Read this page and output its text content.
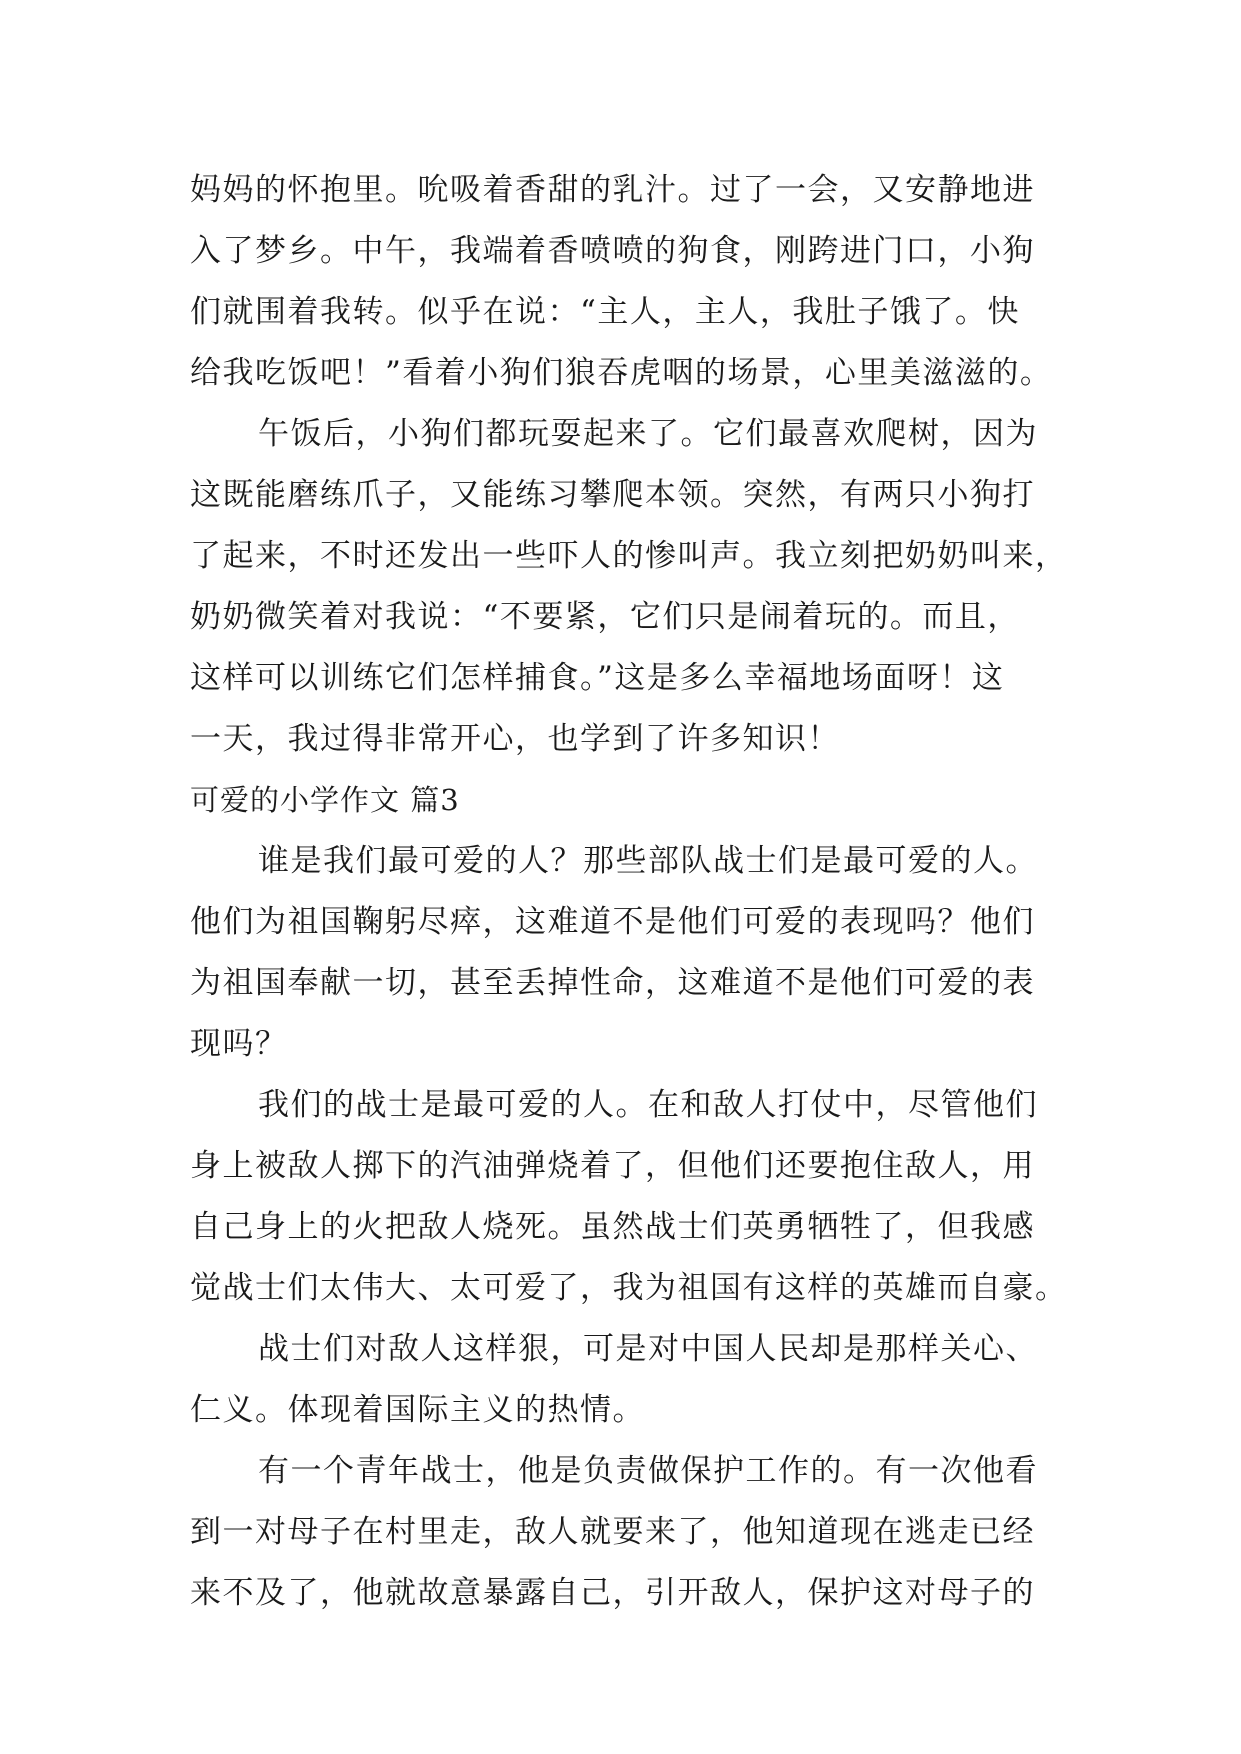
妈妈的怀抱里。吮吸着香甜的乳汁。过了一会，又安静地进
入了梦乡。中午，我端着香喷喷的狗食，刚跨进门口，小狗
们就围着我转。似乎在说：“主人，主人，我肚子饿了。快
给我吃饭吧！”看着小狗们狼吞虎咽的场景，心里美滋滋的。
午饭后，小狗们都玩耍起来了。它们最喜欢爬树，因为
这既能磨练爪子，又能练习攀爬本领。突然，有两只小狗打
了起来，不时还发出一些吓人的惨叫声。我立刻把奶奶叫来，
奶奶微笑着对我说：“不要紧，它们只是闹着玩的。而且，
这样可以训练它们怎样捕食。”这是多么幸福地场面呀！这
一天，我过得非常开心，也学到了许多知识！
可爱的小学作文 篇3
谁是我们最可爱的人？那些部队战士们是最可爱的人。
他们为祖国鞠躬尽瘁，这难道不是他们可爱的表现吗？他们
为祖国奉献一切，甚至丢掉性命，这难道不是他们可爱的表
现吗？
我们的战士是最可爱的人。在和敌人打仗中，尽管他们
身上被敌人掷下的汽油弹烧着了，但他们还要抱住敌人，用
自己身上的火把敌人烧死。虽然战士们英勇牺牲了，但我感
觉战士们太伟大、太可爱了，我为祖国有这样的英雄而自豪。
战士们对敌人这样狠，可是对中国人民却是那样关心、
仁义。体现着国际主义的热情。
有一个青年战士，他是负责做保护工作的。有一次他看
到一对母子在村里走，敌人就要来了，他知道现在逃走已经
来不及了，他就故意暴露自己，引开敌人，保护这对母子的
